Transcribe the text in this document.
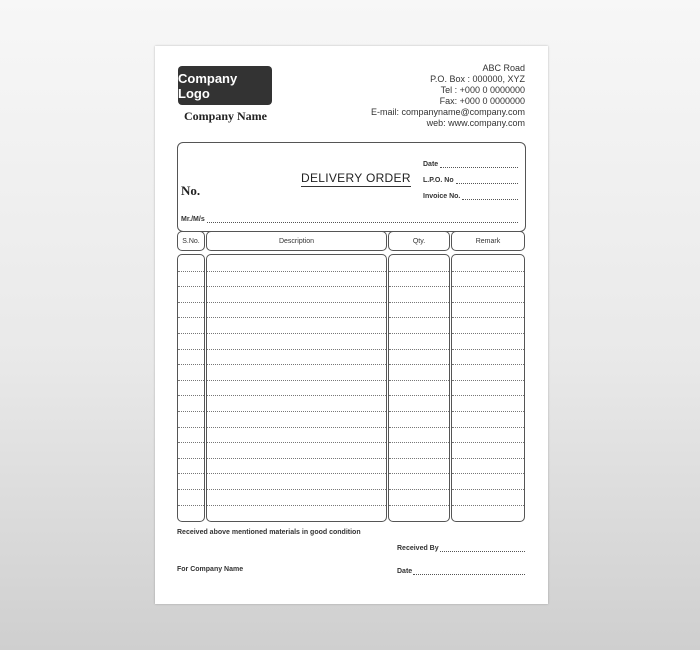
Company Logo
Company Name
ABC Road
P.O. Box : 000000, XYZ
Tel : +000 0 0000000
Fax: +000 0 0000000
E-mail: companyname@company.com
web: www.company.com
DELIVERY ORDER
No.
Date
L.P.O. No
Invoice No.
Mr./M/s
S.No.	Description	Qty.	Remark
Received above mentioned materials in good condition
Received By
For Company Name	Date
